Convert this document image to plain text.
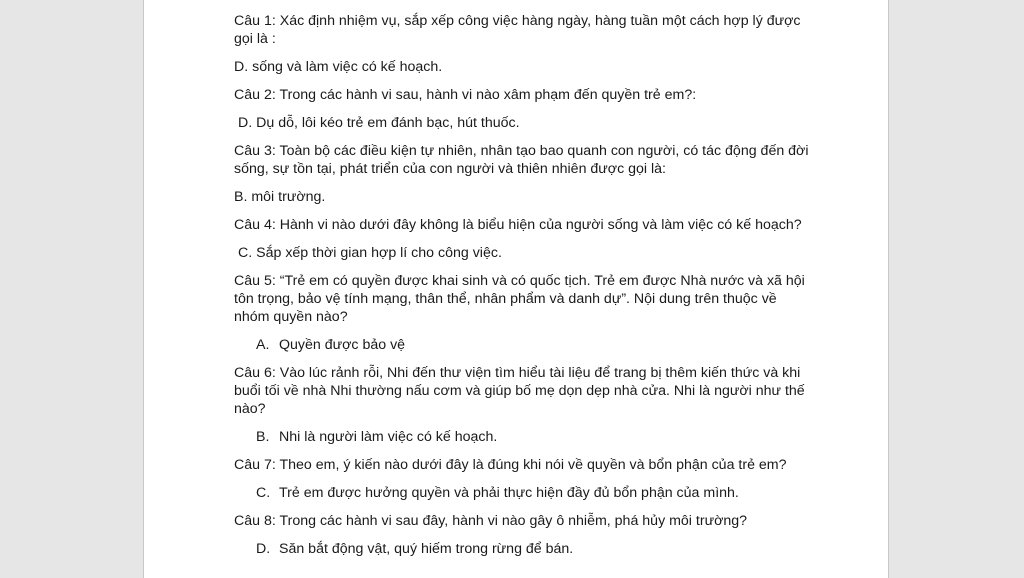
Câu 1: Xác định nhiệm vụ, sắp xếp công việc hàng ngày, hàng tuần một cách hợp lý được gọi là :

D. sống và làm việc có kế hoạch.

Câu 2: Trong các hành vi sau, hành vi nào xâm phạm đến quyền trẻ em?:

D. Dụ dỗ, lôi kéo trẻ em đánh bạc, hút thuốc.

Câu 3: Toàn bộ các điều kiện tự nhiên, nhân tạo bao quanh con người, có tác động đến đời sống, sự tồn tại, phát triển của con người và thiên nhiên được gọi là:

B. môi trường.

Câu 4: Hành vi nào dưới đây không là biểu hiện của người sống và làm việc có kế hoạch?

C. Sắp xếp thời gian hợp lí cho công việc.

Câu 5: “Trẻ em có quyền được khai sinh và có quốc tịch. Trẻ em được Nhà nước và xã hội tôn trọng, bảo vệ tính mạng, thân thể, nhân phẩm và danh dự”. Nội dung trên thuộc về nhóm quyền nào?

A. Quyền được bảo vệ

Câu 6: Vào lúc rảnh rỗi, Nhi đến thư viện tìm hiểu tài liệu để trang bị thêm kiến thức và khi buổi tối về nhà Nhi thường nấu cơm và giúp bố mẹ dọn dẹp nhà cửa. Nhi là người như thế nào?

B. Nhi là người làm việc có kế hoạch.

Câu 7: Theo em, ý kiến nào dưới đây là đúng khi nói về quyền và bổn phận của trẻ em?

C. Trẻ em được hưởng quyền và phải thực hiện đầy đủ bổn phận của mình.

Câu 8: Trong các hành vi sau đây, hành vi nào gây ô nhiễm, phá hủy môi trường?

D. Săn bắt động vật, quý hiếm trong rừng để bán.
